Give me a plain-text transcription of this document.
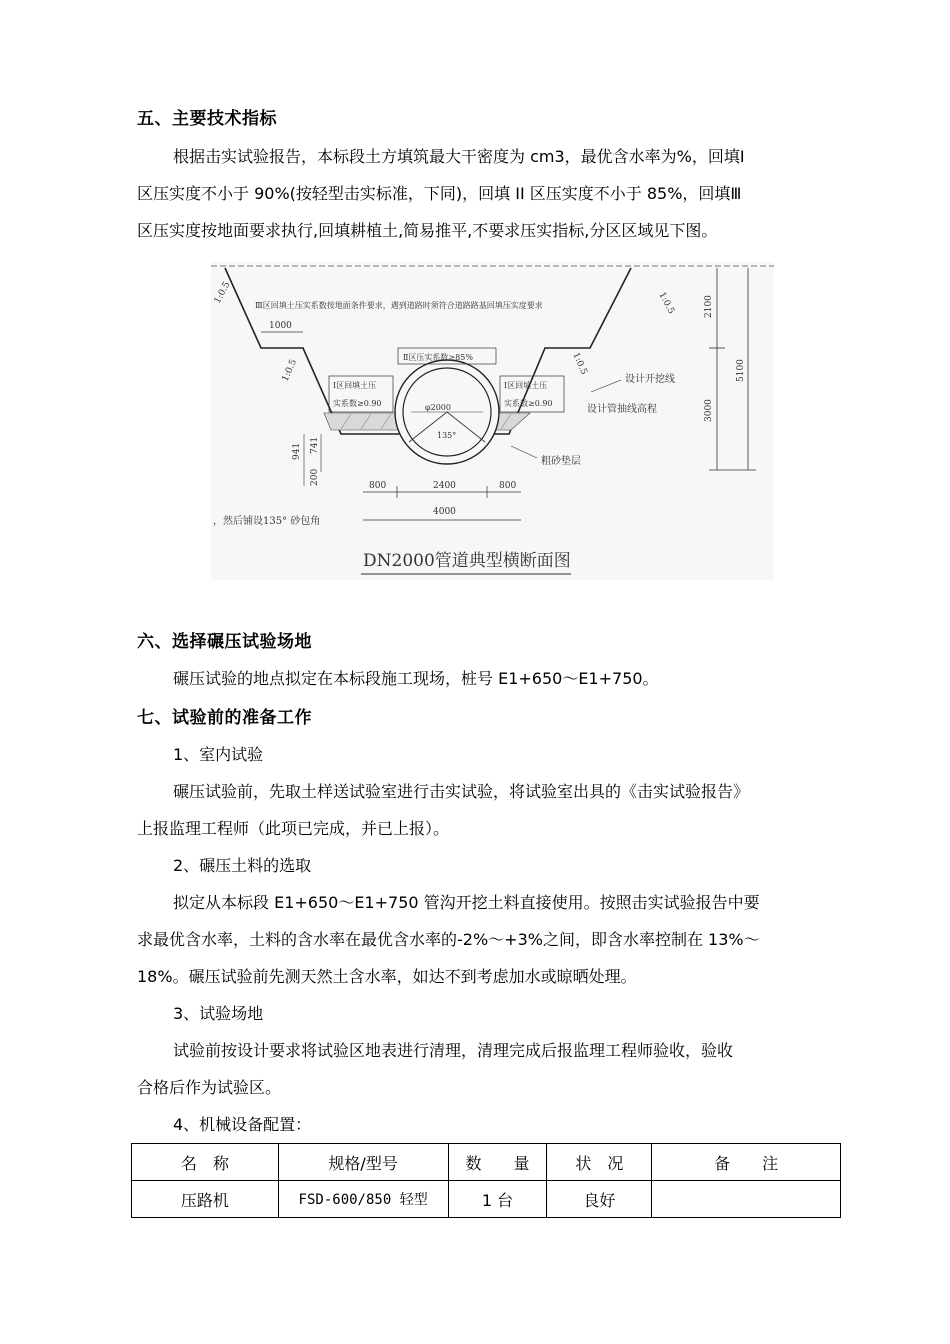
五、主要技术指标
根据击实试验报告，本标段土方填筑最大干密度为 cm3，最优含水率为%，回填Ⅰ
区压实度不小于 90%(按轻型击实标准，下同)，回填 II 区压实度不小于 85%，回填Ⅲ
区压实度按地面要求执行,回填耕植土,简易推平,不要求压实指标,分区区域见下图。
Ⅲ区回填土压实系数按地面条件要求，遇到道路时须符合道路路基回填压实度要求
1:0.5	1:0.5
1:0.5	1:0.5
1000
Ⅱ区压实系数≥85%
Ⅰ区回填土压
实系数≥0.90
Ⅰ区回填土压
实系数≥0.90
φ2000
135°
设计开挖线
设计管抽线高程
粗砂垫层
，然后铺设135° 砂包角
2100
3000
5100
941 741
200	800	2400	800
4000
DN2000管道典型横断面图
六、选择碾压试验场地
碾压试验的地点拟定在本标段施工现场，桩号 E1+650～E1+750。
七、试验前的准备工作
1、室内试验
碾压试验前，先取土样送试验室进行击实试验，将试验室出具的《击实试验报告》
上报监理工程师（此项已完成，并已上报）。
2、碾压土料的选取
拟定从本标段 E1+650～E1+750 管沟开挖土料直接使用。按照击实试验报告中要
求最优含水率，土料的含水率在最优含水率的-2%～+3%之间，即含水率控制在 13%～
18%。碾压试验前先测天然土含水率，如达不到考虑加水或晾晒处理。
3、试验场地
试验前按设计要求将试验区地表进行清理，清理完成后报监理工程师验收，验收
合格后作为试验区。
4、机械设备配置：
名　称	规格/型号	数　　量	状　况	备　　注
压路机	FSD-600/850 轻型	1 台	良好	
